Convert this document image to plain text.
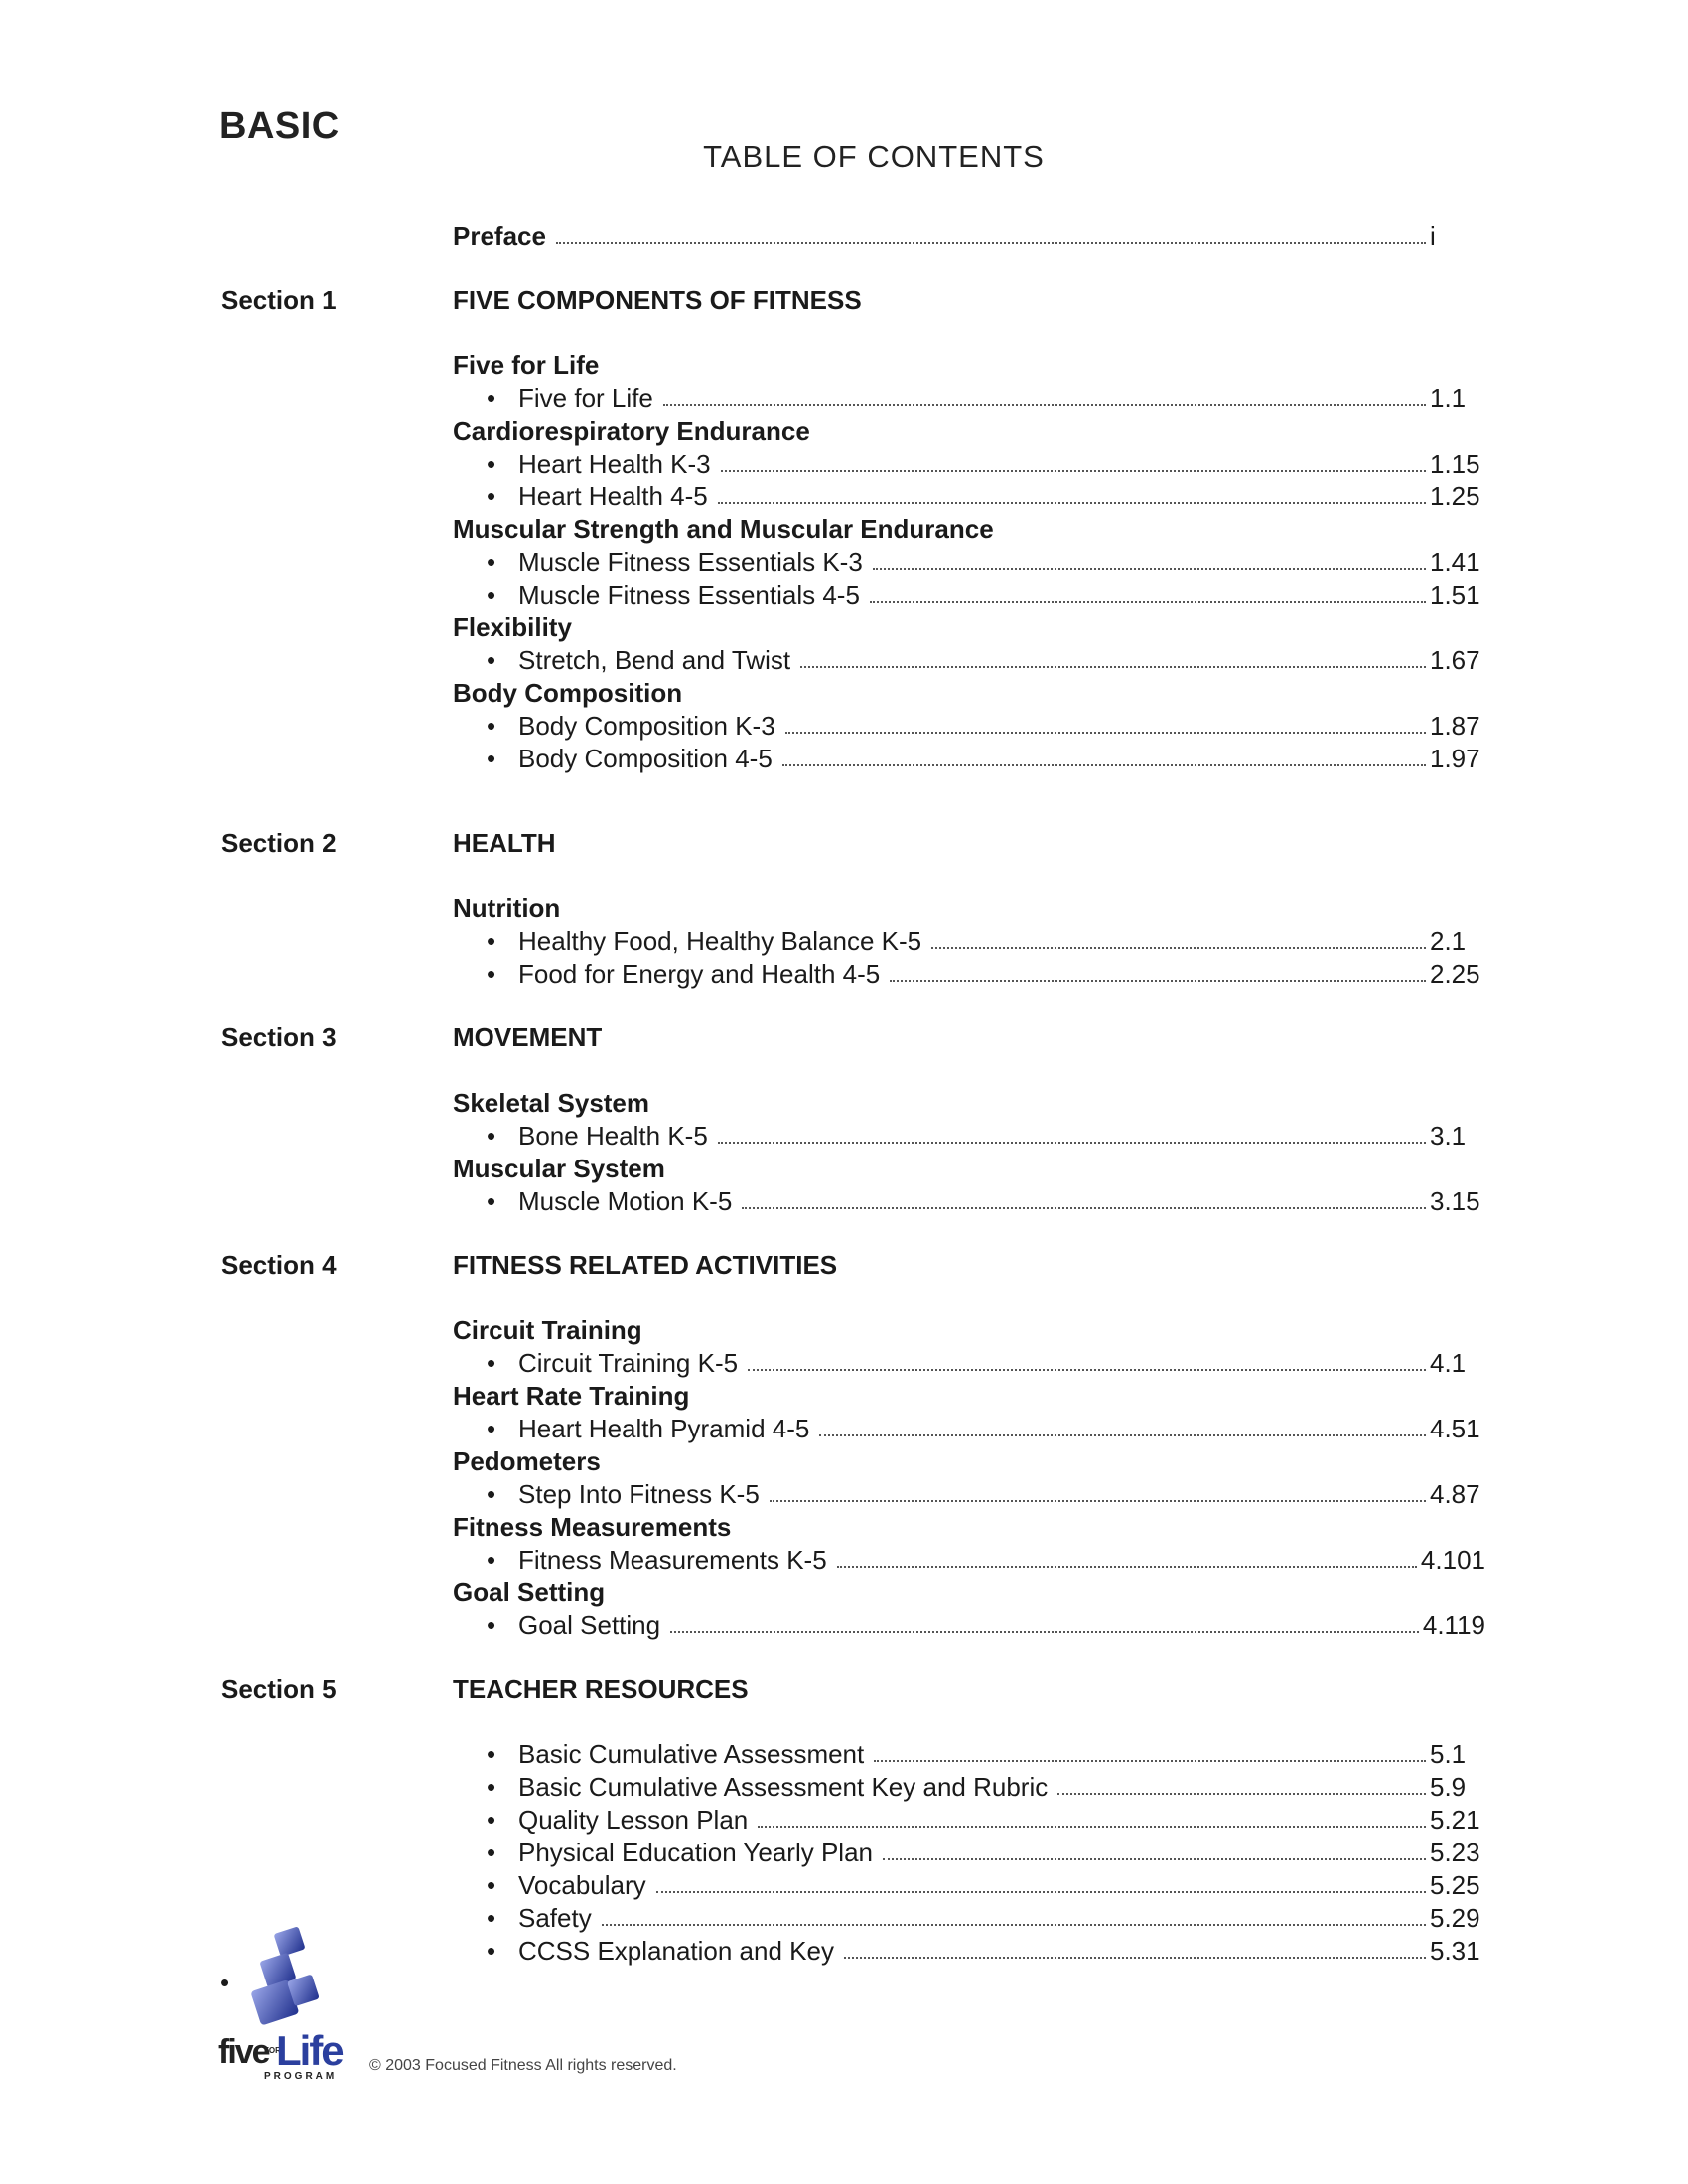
BASIC
TABLE OF CONTENTS
Preface	i
Section 1	FIVE COMPONENTS OF FITNESS
Five for Life
• Five for Life	1.1
Cardiorespiratory Endurance
• Heart Health K-3	1.15
• Heart Health 4-5	1.25
Muscular Strength and Muscular Endurance
• Muscle Fitness Essentials K-3	1.41
• Muscle Fitness Essentials 4-5	1.51
Flexibility
• Stretch, Bend and Twist	1.67
Body Composition
• Body Composition K-3	1.87
• Body Composition 4-5	1.97
Section 2	HEALTH
Nutrition
• Healthy Food, Healthy Balance K-5	2.1
• Food for Energy and Health 4-5	2.25
Section 3	MOVEMENT
Skeletal System
• Bone Health K-5	3.1
Muscular System
• Muscle Motion K-5	3.15
Section 4	FITNESS RELATED ACTIVITIES
Circuit Training
• Circuit Training K-5	4.1
Heart Rate Training
• Heart Health Pyramid 4-5	4.51
Pedometers
• Step Into Fitness K-5	4.87
Fitness Measurements
• Fitness Measurements K-5	4.101
Goal Setting
• Goal Setting	4.119
Section 5	TEACHER RESOURCES
• Basic Cumulative Assessment	5.1
• Basic Cumulative Assessment Key and Rubric	5.9
• Quality Lesson Plan	5.21
• Physical Education Yearly Plan	5.23
• Vocabulary	5.25
• Safety	5.29
• CCSS Explanation and Key	5.31
•
five
FOR
Life
PROGRAM
© 2003 Focused Fitness All rights reserved.
